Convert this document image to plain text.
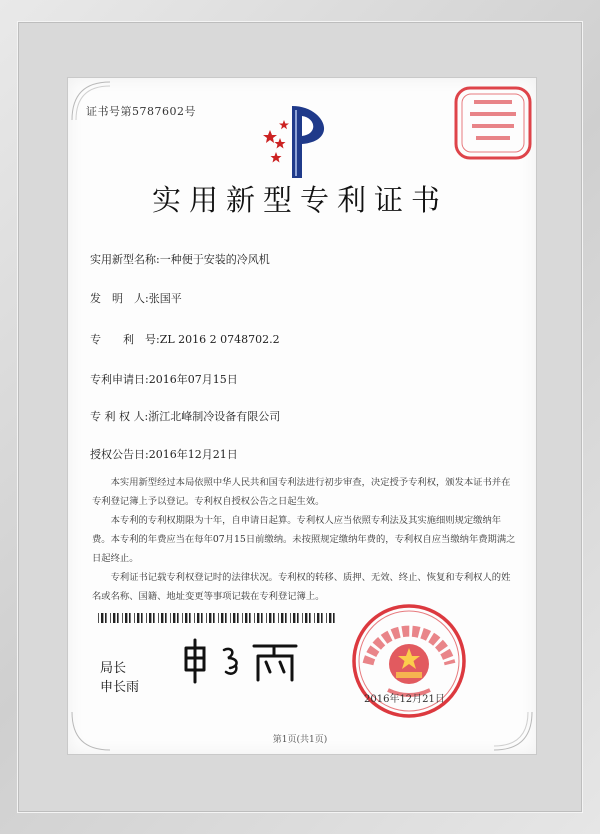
证书号第5787602号
实用新型专利证书
实用新型名称:一种便于安装的冷风机
发　明　人:张国平
专　　利　号:ZL 2016 2 0748702.2
专利申请日:2016年07月15日
专 利 权 人:浙江北峰制冷设备有限公司
授权公告日:2016年12月21日

本实用新型经过本局依照中华人民共和国专利法进行初步审查，决定授予专利权，颁发本证书并在专利登记簿上予以登记。专利权自授权公告之日起生效。

本专利的专利权期限为十年，自申请日起算。专利权人应当依照专利法及其实施细则规定缴纳年费。本专利的年费应当在每年07月15日前缴纳。未按照规定缴纳年费的，专利权自应当缴纳年费期满之日起终止。

专利证书记载专利权登记时的法律状况。专利权的转移、质押、无效、终止、恢复和专利权人的姓名或名称、国籍、地址变更等事项记载在专利登记簿上。

局长
申长雨
2016年12月21日
第1页(共1页)
